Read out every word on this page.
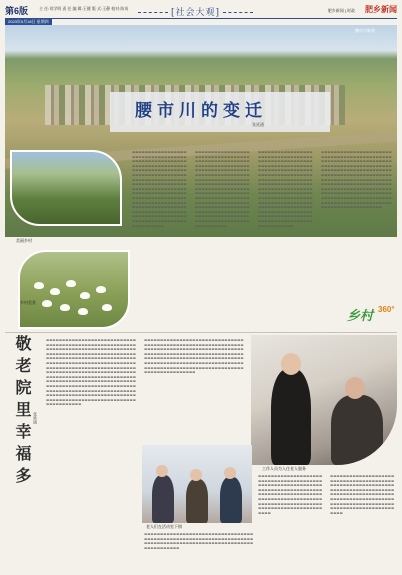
第6版	主 任:刘学明 责 任 编 辑:王健 版 式:王静 校对:陈英	[社会大观]	肥乡新闻 | 时政 肥乡新闻
2023年5月18日 星期四
腰市川新貌
腰市川的变迁
张延通
美丽乡村
乡村美景
▬▬▬▬▬▬▬▬▬▬▬▬▬▬▬▬▬▬▬▬▬▬▬▬▬▬▬▬▬▬▬▬▬▬▬▬▬▬▬▬▬▬▬▬▬▬▬▬▬▬▬▬▬▬▬▬▬▬▬▬▬▬▬▬▬▬▬▬▬▬▬▬▬▬▬▬▬▬▬▬▬▬▬▬▬▬▬▬▬▬▬▬▬▬▬▬▬▬▬▬▬▬▬▬▬▬▬▬▬▬▬▬▬▬▬▬▬▬▬▬▬▬▬▬▬▬▬▬▬▬▬▬▬▬▬▬▬▬▬▬▬▬▬▬▬▬▬▬▬▬▬▬▬▬▬▬▬▬▬▬▬▬▬▬▬▬▬▬▬▬▬▬▬▬▬▬▬▬▬▬▬▬▬▬▬▬▬▬▬▬▬▬▬▬▬▬▬▬▬▬▬▬▬▬▬▬▬▬▬▬▬▬▬▬▬▬▬▬▬▬▬▬▬▬▬▬▬▬▬▬▬▬▬▬▬▬▬▬▬▬▬▬▬▬▬▬▬▬▬▬▬▬▬▬▬▬▬▬▬▬▬▬▬▬▬▬▬▬▬▬▬▬▬▬▬▬▬▬▬▬▬▬
▬▬▬▬▬▬▬▬▬▬▬▬▬▬▬▬▬▬▬▬▬▬▬▬▬▬▬▬▬▬▬▬▬▬▬▬▬▬▬▬▬▬▬▬▬▬▬▬▬▬▬▬▬▬▬▬▬▬▬▬▬▬▬▬▬▬▬▬▬▬▬▬▬▬▬▬▬▬▬▬▬▬▬▬▬▬▬▬▬▬▬▬▬▬▬▬▬▬▬▬▬▬▬▬▬▬▬▬▬▬▬▬▬▬▬▬▬▬▬▬▬▬▬▬▬▬▬▬▬▬▬▬▬▬▬▬▬▬▬▬▬▬▬▬▬▬▬▬▬▬▬▬▬▬▬▬▬▬▬▬▬▬▬▬▬▬▬▬▬▬▬▬▬▬▬▬▬▬▬▬▬▬▬▬▬▬▬▬▬▬▬▬▬▬▬▬▬▬▬▬▬▬▬▬▬▬▬▬▬▬▬▬▬▬▬▬▬▬▬▬▬▬▬▬▬▬▬▬▬▬▬▬▬▬▬▬▬▬▬▬▬▬▬▬▬▬▬▬▬▬▬▬▬▬▬▬▬▬▬▬▬▬▬▬▬▬▬▬▬▬▬▬▬▬▬▬▬▬▬▬▬▬
▬▬▬▬▬▬▬▬▬▬▬▬▬▬▬▬▬▬▬▬▬▬▬▬▬▬▬▬▬▬▬▬▬▬▬▬▬▬▬▬▬▬▬▬▬▬▬▬▬▬▬▬▬▬▬▬▬▬▬▬▬▬▬▬▬▬▬▬▬▬▬▬▬▬▬▬▬▬▬▬▬▬▬▬▬▬▬▬▬▬▬▬▬▬▬▬▬▬▬▬▬▬▬▬▬▬▬▬▬▬▬▬▬▬▬▬▬▬▬▬▬▬▬▬▬▬▬▬▬▬▬▬▬▬▬▬▬▬▬▬▬▬▬▬▬▬▬▬▬▬▬▬▬▬▬▬▬▬▬▬▬▬▬▬▬▬▬▬▬▬▬▬▬▬▬▬▬▬▬▬▬▬▬▬▬▬▬▬▬▬▬▬▬▬▬▬▬▬▬▬▬▬▬▬▬▬▬▬▬▬▬▬▬▬▬▬▬▬▬▬▬▬▬▬▬▬▬▬▬▬▬▬▬▬▬▬▬▬▬▬▬▬▬▬▬▬▬▬▬▬▬▬▬▬▬▬▬▬▬▬▬▬▬▬▬▬▬▬▬▬▬▬▬▬▬▬▬▬▬▬▬▬▬
▬▬▬▬▬▬▬▬▬▬▬▬▬▬▬▬▬▬▬▬▬▬▬▬▬▬▬▬▬▬▬▬▬▬▬▬▬▬▬▬▬▬▬▬▬▬▬▬▬▬▬▬▬▬▬▬▬▬▬▬▬▬▬▬▬▬▬▬▬▬▬▬▬▬▬▬▬▬▬▬▬▬▬▬▬▬▬▬▬▬▬▬▬▬▬▬▬▬▬▬▬▬▬▬▬▬▬▬▬▬▬▬▬▬▬▬▬▬▬▬▬▬▬▬▬▬▬▬▬▬▬▬▬▬▬▬▬▬▬▬▬▬▬▬▬▬▬▬▬▬▬▬▬▬▬▬▬▬▬▬▬▬▬▬▬▬▬▬▬▬▬▬▬▬▬▬▬▬▬▬▬▬▬▬▬▬▬▬▬▬▬▬▬▬▬▬▬▬▬▬▬▬▬▬▬▬▬▬▬▬▬▬▬▬▬▬▬▬▬▬▬▬▬▬▬▬▬▬▬▬▬▬▬▬▬▬▬▬▬▬▬▬▬▬▬▬▬▬▬▬▬▬▬▬▬▬▬▬▬▬▬▬▬▬▬▬▬▬▬▬▬▬▬▬▬▬▬▬▬▬▬▬▬
乡村 360°
敬老院里幸福多 张延通
▬▬▬▬▬▬▬▬▬▬▬▬▬▬▬▬▬▬▬▬▬▬▬▬▬▬▬▬▬▬▬▬▬▬▬▬▬▬▬▬▬▬▬▬▬▬▬▬▬▬▬▬▬▬▬▬▬▬▬▬▬▬▬▬▬▬▬▬▬▬▬▬▬▬▬▬▬▬▬▬▬▬▬▬▬▬▬▬▬▬▬▬▬▬▬▬▬▬▬▬▬▬▬▬▬▬▬▬▬▬▬▬▬▬▬▬▬▬▬▬▬▬▬▬▬▬▬▬▬▬▬▬▬▬▬▬▬▬▬▬▬▬▬▬▬▬▬▬▬▬▬▬▬▬▬▬▬▬▬▬▬▬▬▬▬▬▬▬▬▬▬▬▬▬▬▬▬▬▬▬▬▬▬▬▬▬▬▬▬▬▬▬▬▬▬▬▬▬▬▬▬▬▬▬▬▬▬▬▬▬▬▬▬▬▬▬▬▬▬▬▬▬▬▬▬▬▬▬▬▬▬▬▬▬▬▬▬▬▬▬▬▬▬▬▬▬▬▬▬▬▬▬▬▬▬▬▬▬▬▬▬▬▬▬▬▬▬▬▬▬▬▬▬▬▬▬▬▬▬▬▬▬▬▬▬▬▬▬▬▬▬▬▬▬▬▬▬▬▬▬▬▬▬▬▬▬▬▬▬▬▬▬▬▬▬▬▬▬▬▬▬▬▬▬▬▬▬▬▬▬▬▬▬▬▬▬▬▬▬▬▬▬▬▬▬▬▬▬▬▬▬▬▬▬▬▬▬▬▬▬▬▬▬▬▬▬▬▬▬▬▬▬▬▬▬▬▬▬▬▬▬▬▬▬▬▬▬▬▬▬▬▬▬▬▬▬▬▬▬▬▬▬▬
▬▬▬▬▬▬▬▬▬▬▬▬▬▬▬▬▬▬▬▬▬▬▬▬▬▬▬▬▬▬▬▬▬▬▬▬▬▬▬▬▬▬▬▬▬▬▬▬▬▬▬▬▬▬▬▬▬▬▬▬▬▬▬▬▬▬▬▬▬▬▬▬▬▬▬▬▬▬▬▬▬▬▬▬▬▬▬▬▬▬▬▬▬▬▬▬▬▬▬▬▬▬▬▬▬▬▬▬▬▬▬▬▬▬▬▬▬▬▬▬▬▬▬▬▬▬▬▬▬▬▬▬▬▬▬▬▬▬▬▬▬▬▬▬▬▬▬▬▬▬▬▬▬▬▬▬▬▬▬▬▬▬▬▬▬▬▬▬▬▬▬▬▬▬▬▬▬▬▬▬▬▬▬▬▬▬▬▬▬▬▬▬▬▬▬▬▬▬▬▬▬▬▬▬▬▬▬▬▬▬▬▬▬▬▬▬▬▬▬▬▬▬▬▬▬▬▬▬▬▬▬▬▬
▬▬▬▬▬▬▬▬▬▬▬▬▬▬▬▬▬▬▬▬▬▬▬▬▬▬▬▬▬▬▬▬▬▬▬▬▬▬▬▬▬▬▬▬▬▬▬▬▬▬▬▬▬▬▬▬▬▬▬▬▬▬▬▬▬▬▬▬▬▬▬▬▬▬▬▬▬▬▬▬▬▬▬▬▬▬▬▬▬▬▬▬▬▬▬▬▬▬▬▬▬▬▬▬▬▬▬▬▬▬▬▬▬
▬▬▬▬▬▬▬▬▬▬▬▬▬▬▬▬▬▬▬▬▬▬▬▬▬▬▬▬▬▬▬▬▬▬▬▬▬▬▬▬▬▬▬▬▬▬▬▬▬▬▬▬▬▬▬▬▬▬▬▬▬▬▬▬▬▬▬▬▬▬▬▬▬▬▬▬▬▬▬▬▬▬▬▬▬▬▬▬▬▬▬▬▬▬▬▬▬▬▬▬▬▬▬▬▬▬▬▬▬▬▬▬▬▬▬▬▬▬▬▬▬▬▬▬▬▬▬▬▬▬▬▬▬▬▬▬▬▬▬▬▬▬▬▬▬▬▬▬▬▬▬▬▬▬▬▬▬▬▬▬▬▬▬▬
▬▬▬▬▬▬▬▬▬▬▬▬▬▬▬▬▬▬▬▬▬▬▬▬▬▬▬▬▬▬▬▬▬▬▬▬▬▬▬▬▬▬▬▬▬▬▬▬▬▬▬▬▬▬▬▬▬▬▬▬▬▬▬▬▬▬▬▬▬▬▬▬▬▬▬▬▬▬▬▬▬▬▬▬▬▬▬▬▬▬▬▬▬▬▬▬▬▬▬▬▬▬▬▬▬▬▬▬▬▬▬▬▬▬▬▬▬▬▬▬▬▬▬▬▬▬▬▬▬▬▬▬▬▬▬▬▬▬▬▬▬▬▬▬▬▬▬▬▬▬▬▬▬▬▬▬▬▬▬▬▬▬▬▬
工作人员为入住老人服务
老人们在活动室下棋
